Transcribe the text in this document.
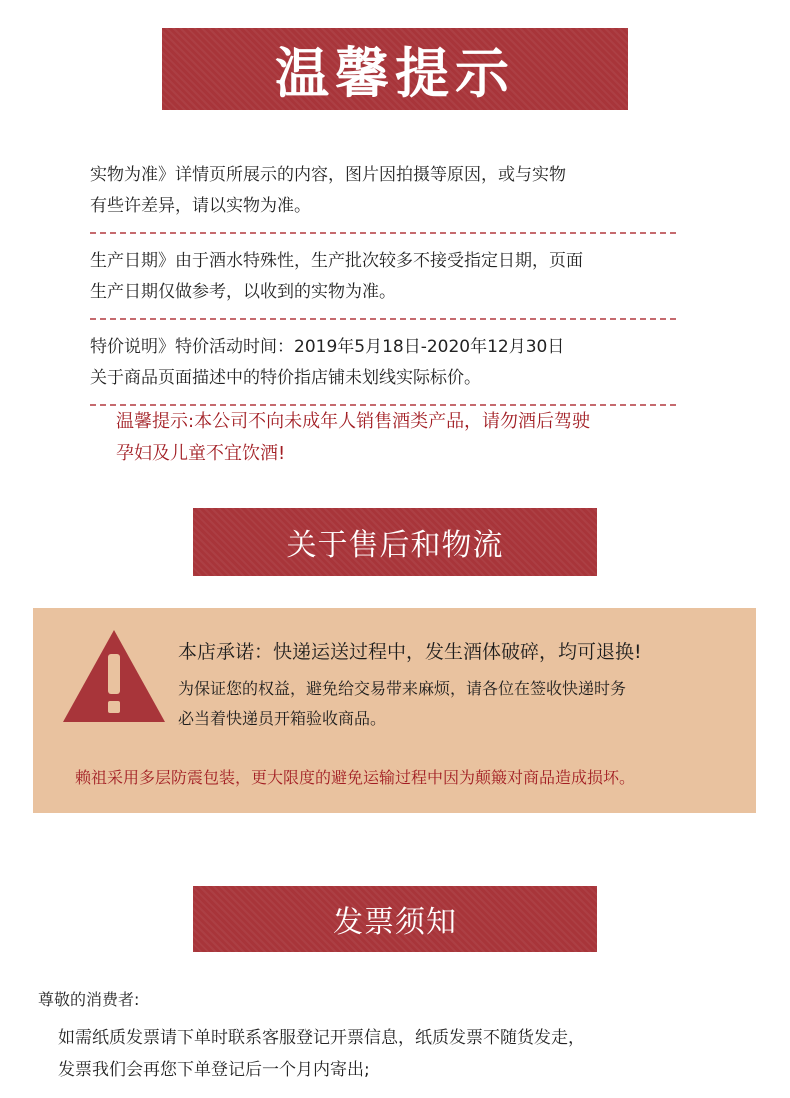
温馨提示

实物为准》详情页所展示的内容，图片因拍摄等原因，或与实物

有些许差异，请以实物为准。

生产日期》由于酒水特殊性，生产批次较多不接受指定日期，页面

生产日期仅做参考，以收到的实物为准。

特价说明》特价活动时间：2019年5月18日-2020年12月30日

关于商品页面描述中的特价指店铺未划线实际标价。

温馨提示:本公司不向未成年人销售酒类产品，请勿酒后驾驶
孕妇及儿童不宜饮酒!
关于售后和物流
本店承诺：快递运送过程中，发生酒体破碎，均可退换!
为保证您的权益，避免给交易带来麻烦，请各位在签收快递时务
必当着快递员开箱验收商品。
赖祖采用多层防震包装，更大限度的避免运输过程中因为颠簸对商品造成损坏。
发票须知
尊敬的消费者:
如需纸质发票请下单时联系客服登记开票信息，纸质发票不随货发走，
发票我们会再您下单登记后一个月内寄出;
